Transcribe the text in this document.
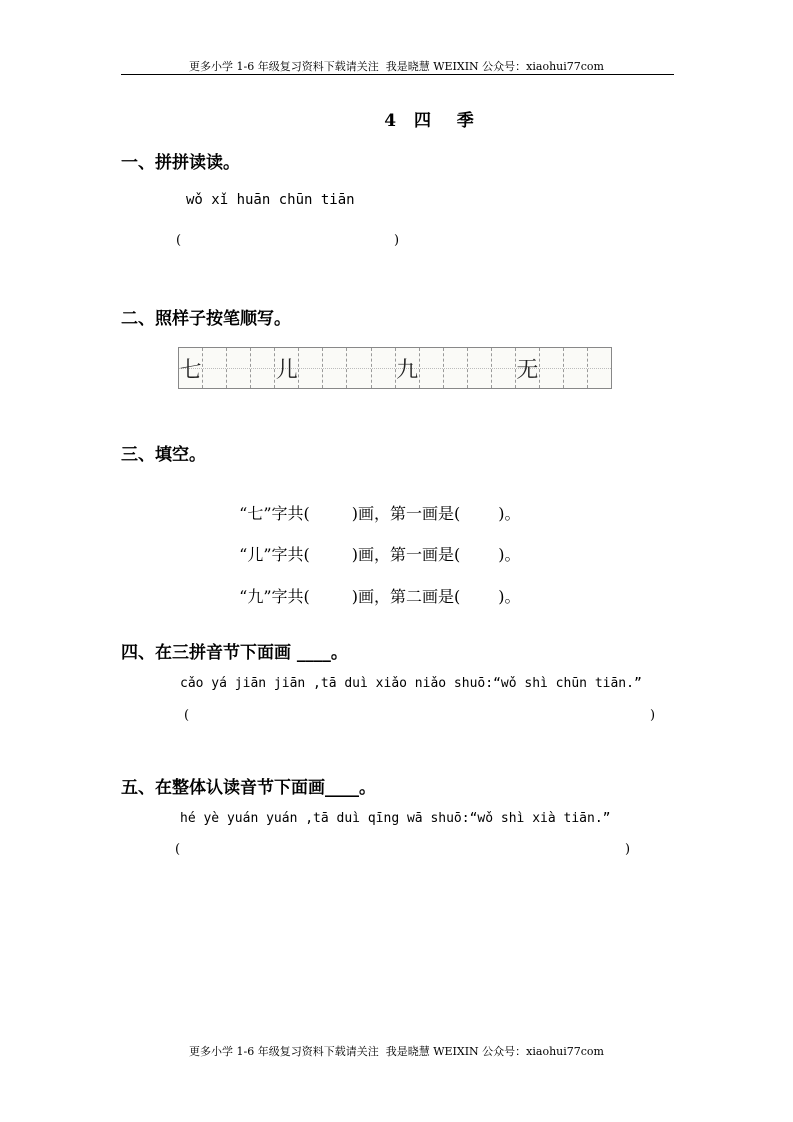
更多小学 1-6 年级复习资料下载请关注  我是晓慧 WEIXIN 公众号：xiaohui77com
4  四   季
一、拼拼读读。
wǒ xǐ huān chūn tiān
(	)
二、照样子按笔顺写。
七	儿	九	无
三、填空。

“七”字共(	)画，第一画是( )。

“儿”字共(	)画，第一画是( )。

“九”字共(	)画，第二画是( )。

四、在三拼音节下面画 ____。
cǎo yá jiān jiān ,tā duì xiǎo niǎo shuō:“wǒ shì chūn tiān.”
(	)
五、在整体认读音节下面画____。
hé yè yuán yuán ,tā duì qīng wā shuō:“wǒ shì xià tiān.”
(	)
更多小学 1-6 年级复习资料下载请关注  我是晓慧 WEIXIN 公众号：xiaohui77com
